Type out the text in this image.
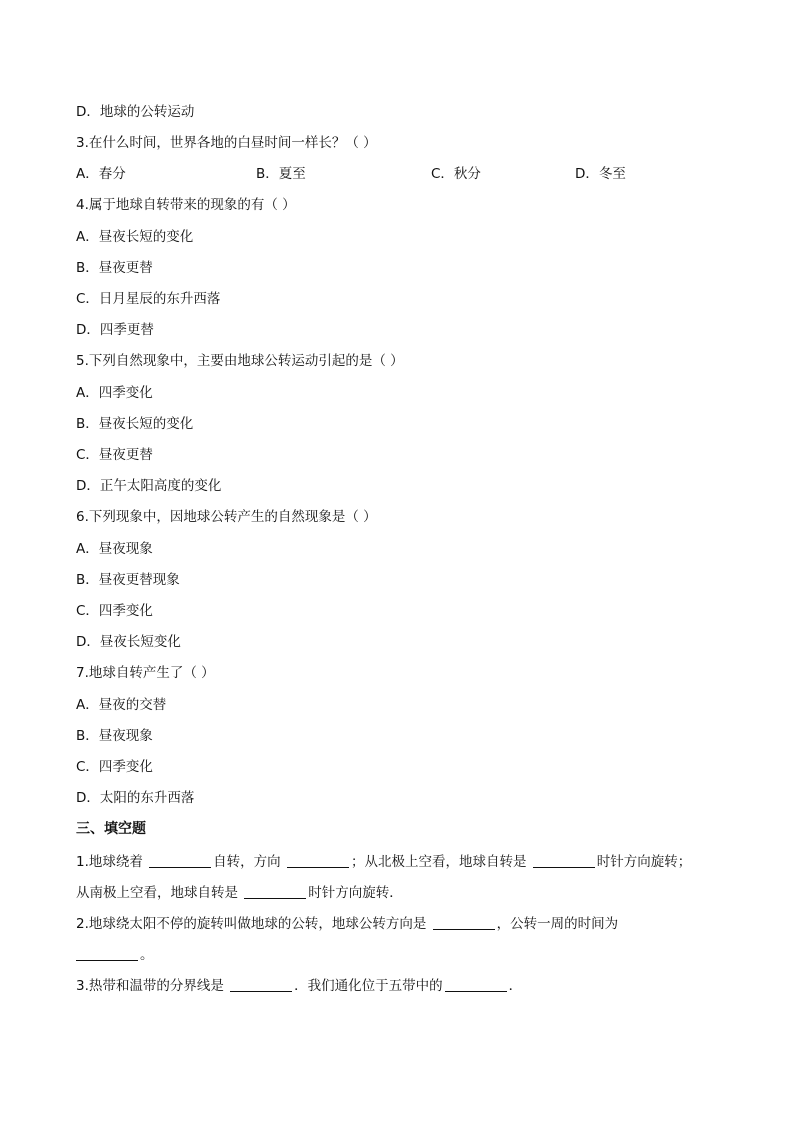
D．地球的公转运动
3.在什么时间，世界各地的白昼时间一样长？（ ）
A．春分	B．夏至	C．秋分	D．冬至
4.属于地球自转带来的现象的有（ ）
A．昼夜长短的变化
B．昼夜更替
C．日月星辰的东升西落
D．四季更替
5.下列自然现象中，主要由地球公转运动引起的是（ ）
A．四季变化
B．昼夜长短的变化
C．昼夜更替
D．正午太阳高度的变化
6.下列现象中，因地球公转产生的自然现象是（ ）
A．昼夜现象
B．昼夜更替现象
C．四季变化
D．昼夜长短变化
7.地球自转产生了（ ）
A．昼夜的交替
B．昼夜现象
C．四季变化
D．太阳的东升西落
三、填空题
1.地球绕着	自转，方向	；从北极上空看，地球自转是	时针方向旋转；
从南极上空看，地球自转是	时针方向旋转．
2.地球绕太阳不停的旋转叫做地球的公转，地球公转方向是	，公转一周的时间为
。
3.热带和温带的分界线是	．我们通化位于五带中的	．
